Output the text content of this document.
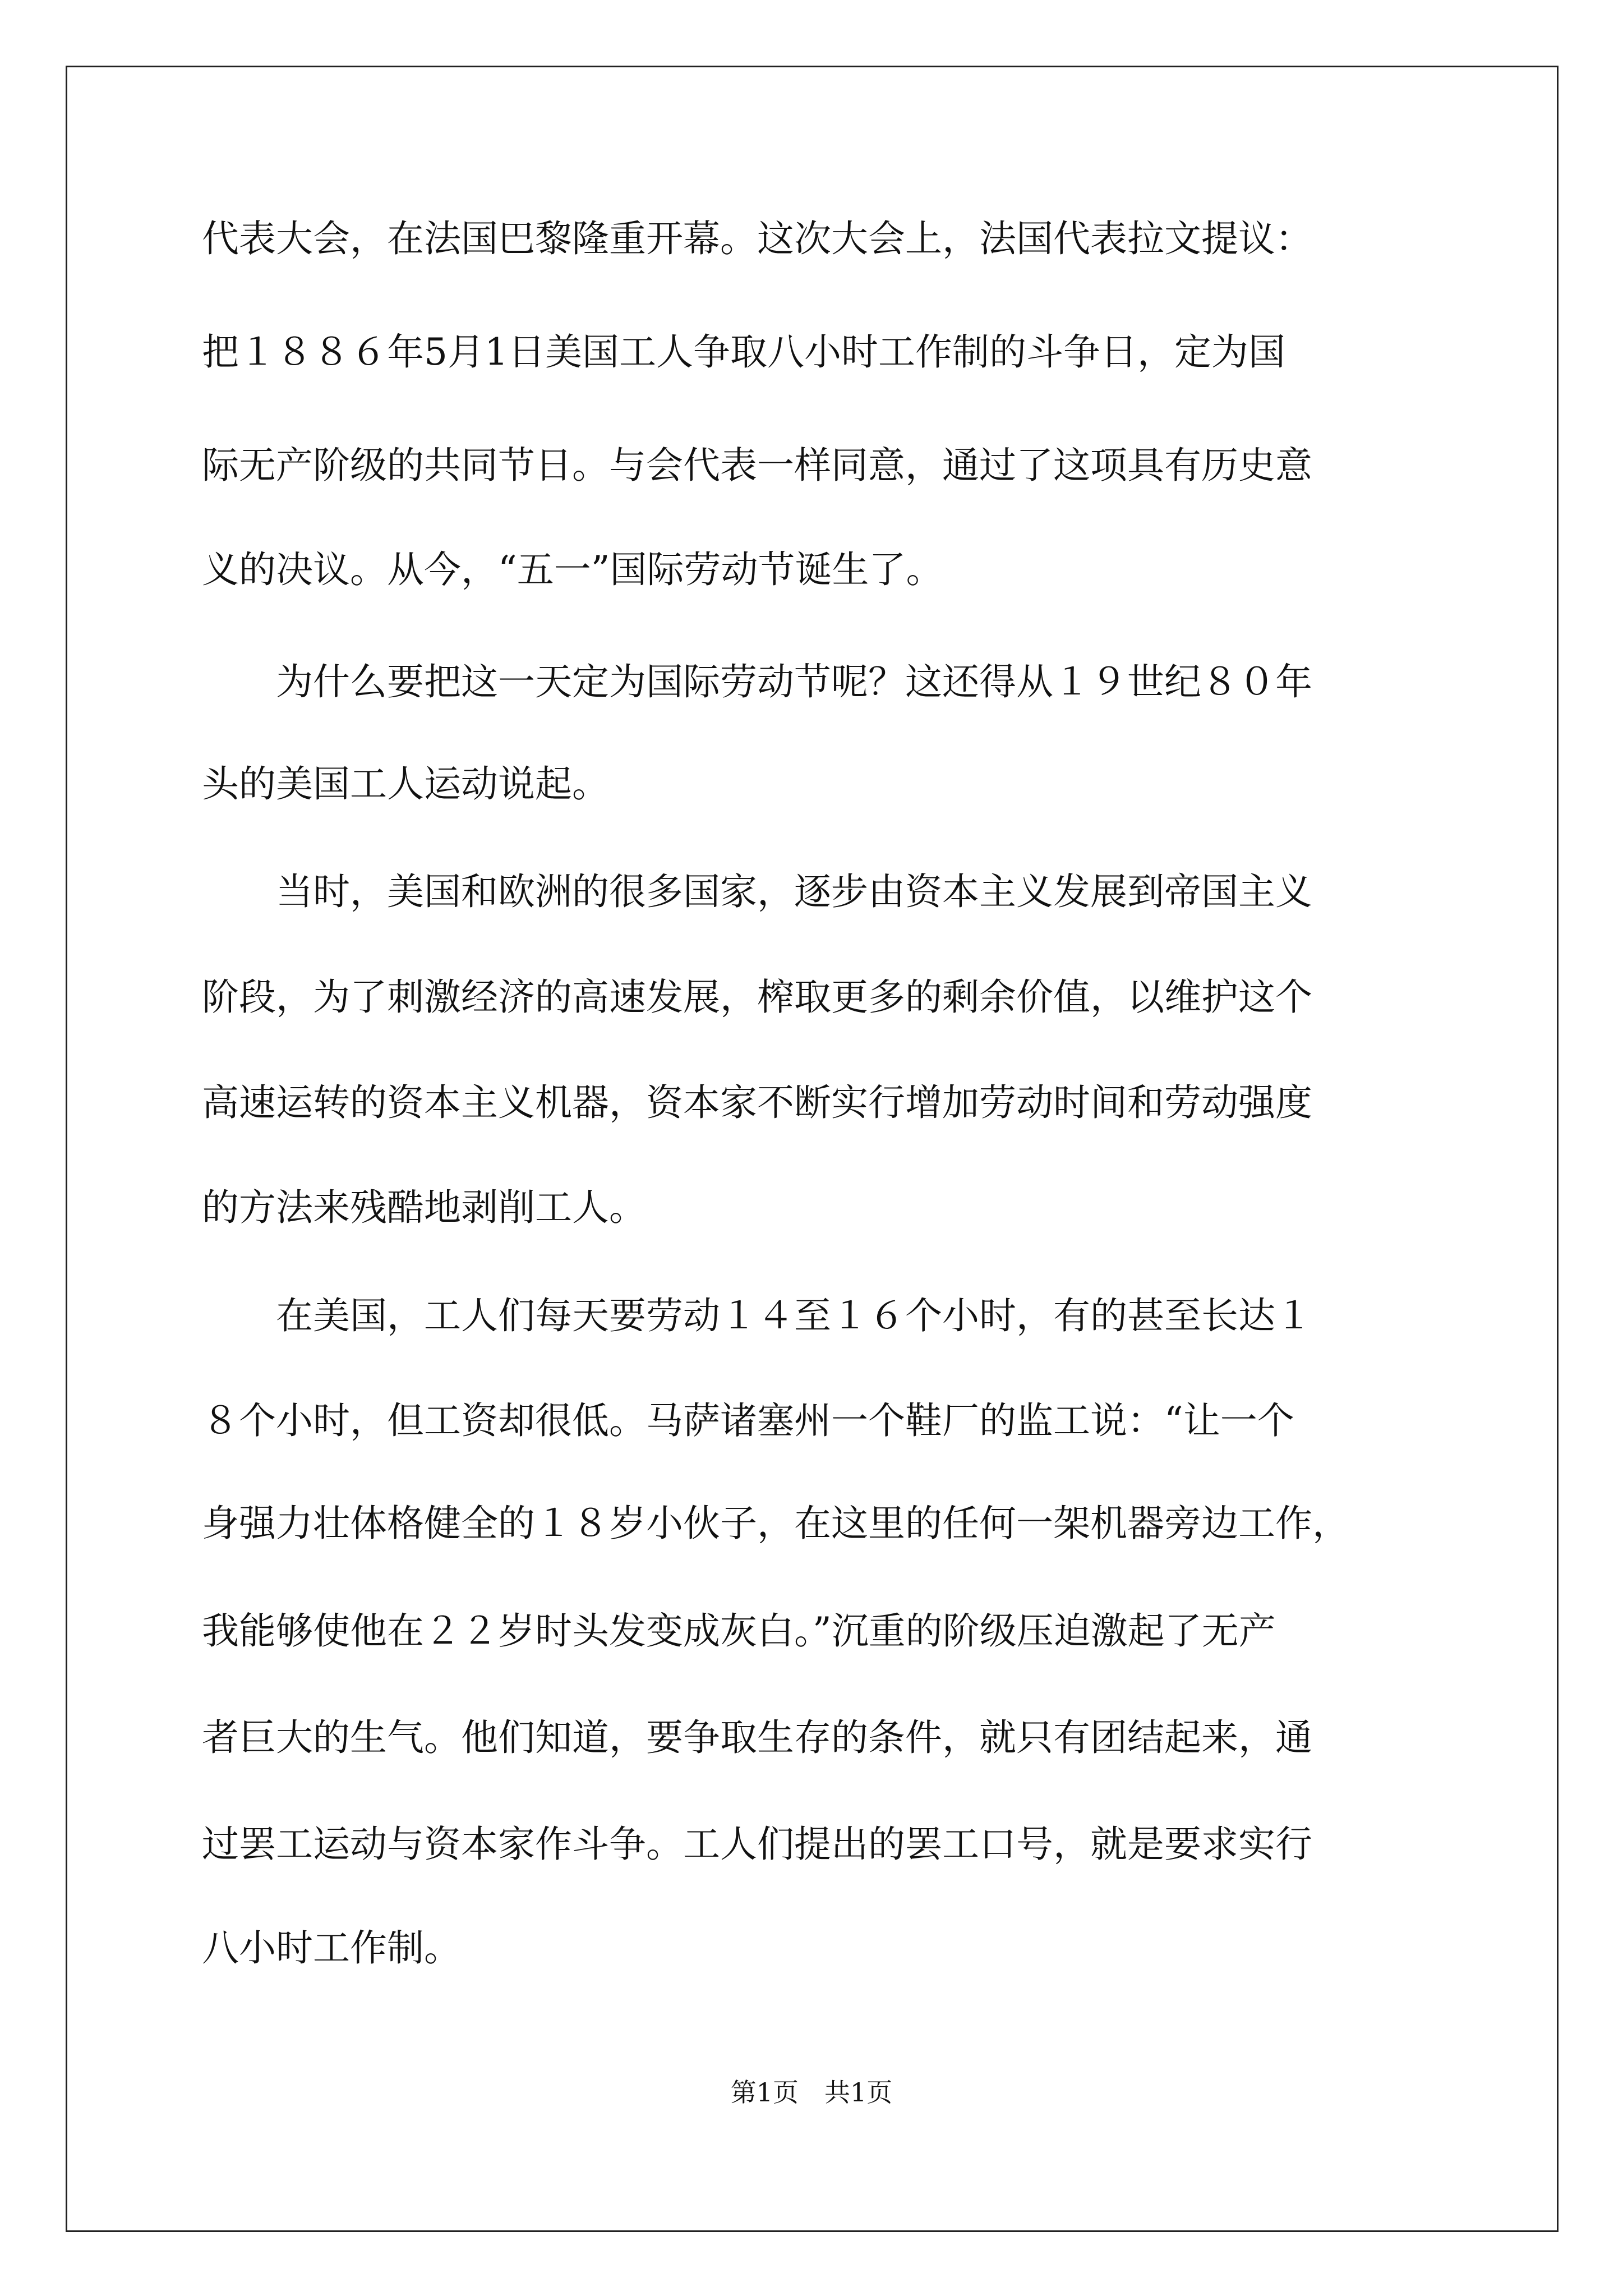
代表大会，在法国巴黎隆重开幕。这次大会上，法国代表拉文提议：
把１８８６年5月1日美国工人争取八小时工作制的斗争日，定为国
际无产阶级的共同节日。与会代表一样同意，通过了这项具有历史意
义的决议。从今，“五一”国际劳动节诞生了。
　　为什么要把这一天定为国际劳动节呢？这还得从１９世纪８０年
头的美国工人运动说起。
　　当时，美国和欧洲的很多国家，逐步由资本主义发展到帝国主义
阶段，为了刺激经济的高速发展，榨取更多的剩余价值，以维护这个
高速运转的资本主义机器，资本家不断实行增加劳动时间和劳动强度
的方法来残酷地剥削工人。
　　在美国，工人们每天要劳动１４至１６个小时，有的甚至长达１
８个小时，但工资却很低。马萨诸塞州一个鞋厂的监工说：“让一个
身强力壮体格健全的１８岁小伙子，在这里的任何一架机器旁边工作，
我能够使他在２２岁时头发变成灰白。”沉重的阶级压迫激起了无产
者巨大的生气。他们知道，要争取生存的条件，就只有团结起来，通
过罢工运动与资本家作斗争。工人们提出的罢工口号，就是要求实行
八小时工作制。
第1页　共1页
